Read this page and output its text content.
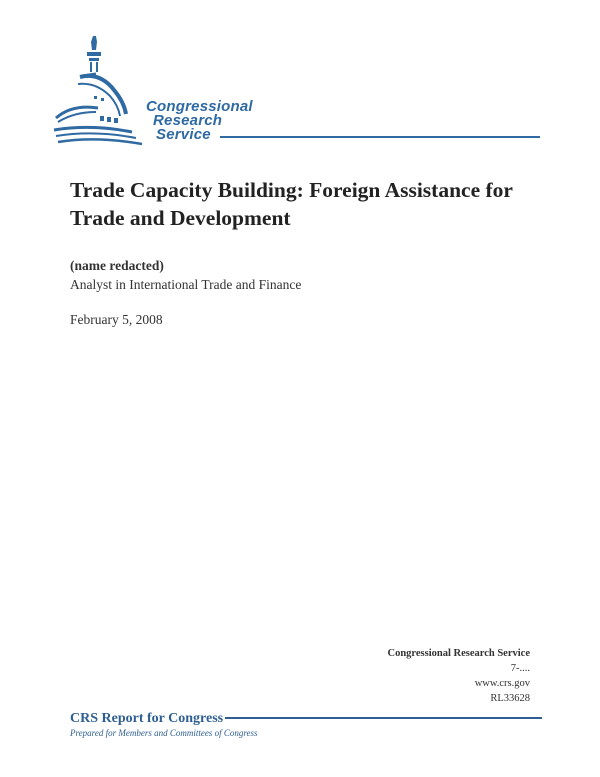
Congressional
Research
Service
Trade Capacity Building: Foreign Assistance for Trade and Development
(name redacted)
Analyst in International Trade and Finance
February 5, 2008
Congressional Research Service
7-....
www.crs.gov
RL33628
CRS Report for Congress
Prepared for Members and Committees of Congress
